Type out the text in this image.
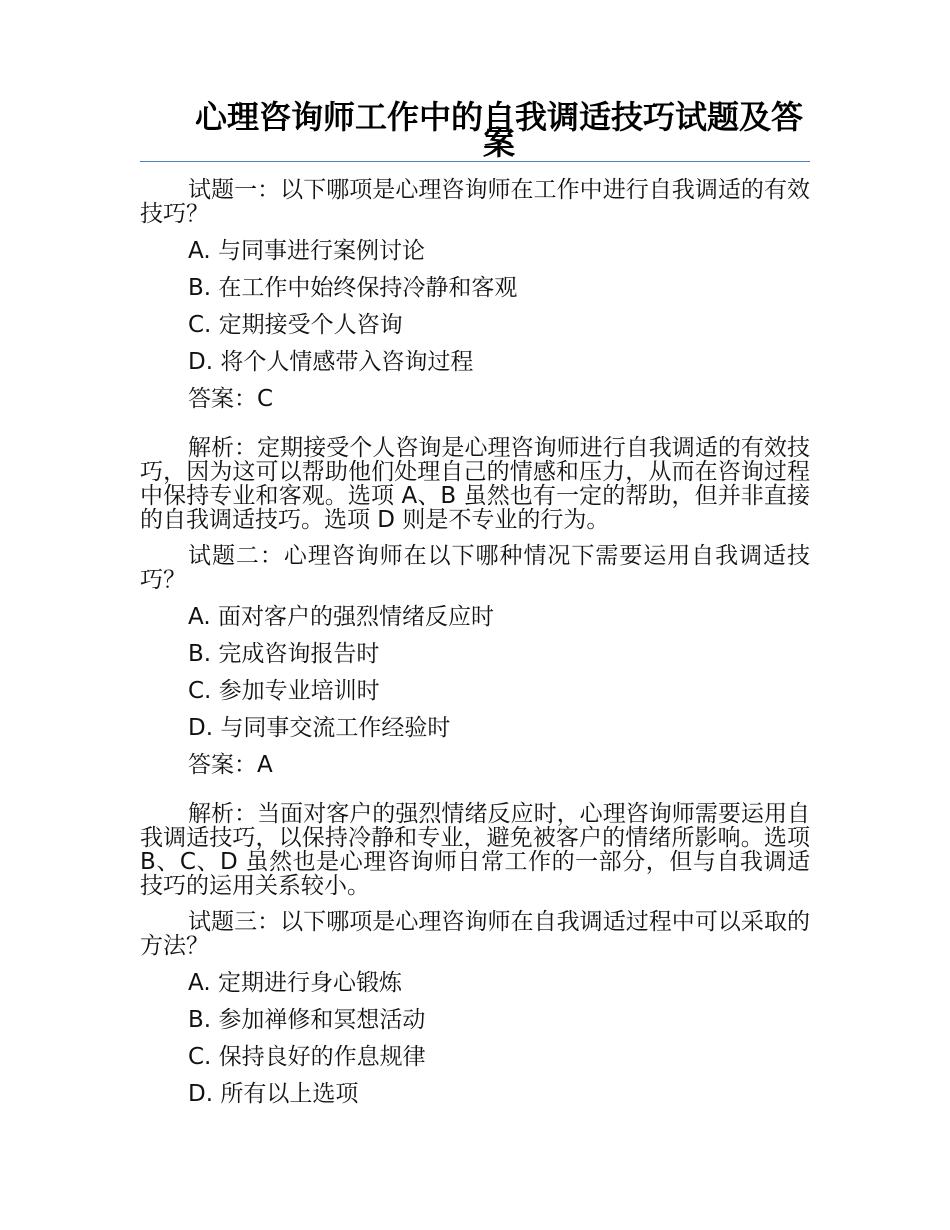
心理咨询师工作中的自我调适技巧试题及答案

试题一：以下哪项是心理咨询师在工作中进行自我调适的有效技巧？

A. 与同事进行案例讨论

B. 在工作中始终保持冷静和客观

C. 定期接受个人咨询

D. 将个人情感带入咨询过程

答案：C

解析：定期接受个人咨询是心理咨询师进行自我调适的有效技巧，因为这可以帮助他们处理自己的情感和压力，从而在咨询过程中保持专业和客观。选项 A、B 虽然也有一定的帮助，但并非直接的自我调适技巧。选项 D 则是不专业的行为。

试题二：心理咨询师在以下哪种情况下需要运用自我调适技巧？

A. 面对客户的强烈情绪反应时

B. 完成咨询报告时

C. 参加专业培训时

D. 与同事交流工作经验时

答案：A

解析：当面对客户的强烈情绪反应时，心理咨询师需要运用自我调适技巧，以保持冷静和专业，避免被客户的情绪所影响。选项 B、C、D 虽然也是心理咨询师日常工作的一部分，但与自我调适技巧的运用关系较小。

试题三：以下哪项是心理咨询师在自我调适过程中可以采取的方法？

A. 定期进行身心锻炼

B. 参加禅修和冥想活动

C. 保持良好的作息规律

D. 所有以上选项
